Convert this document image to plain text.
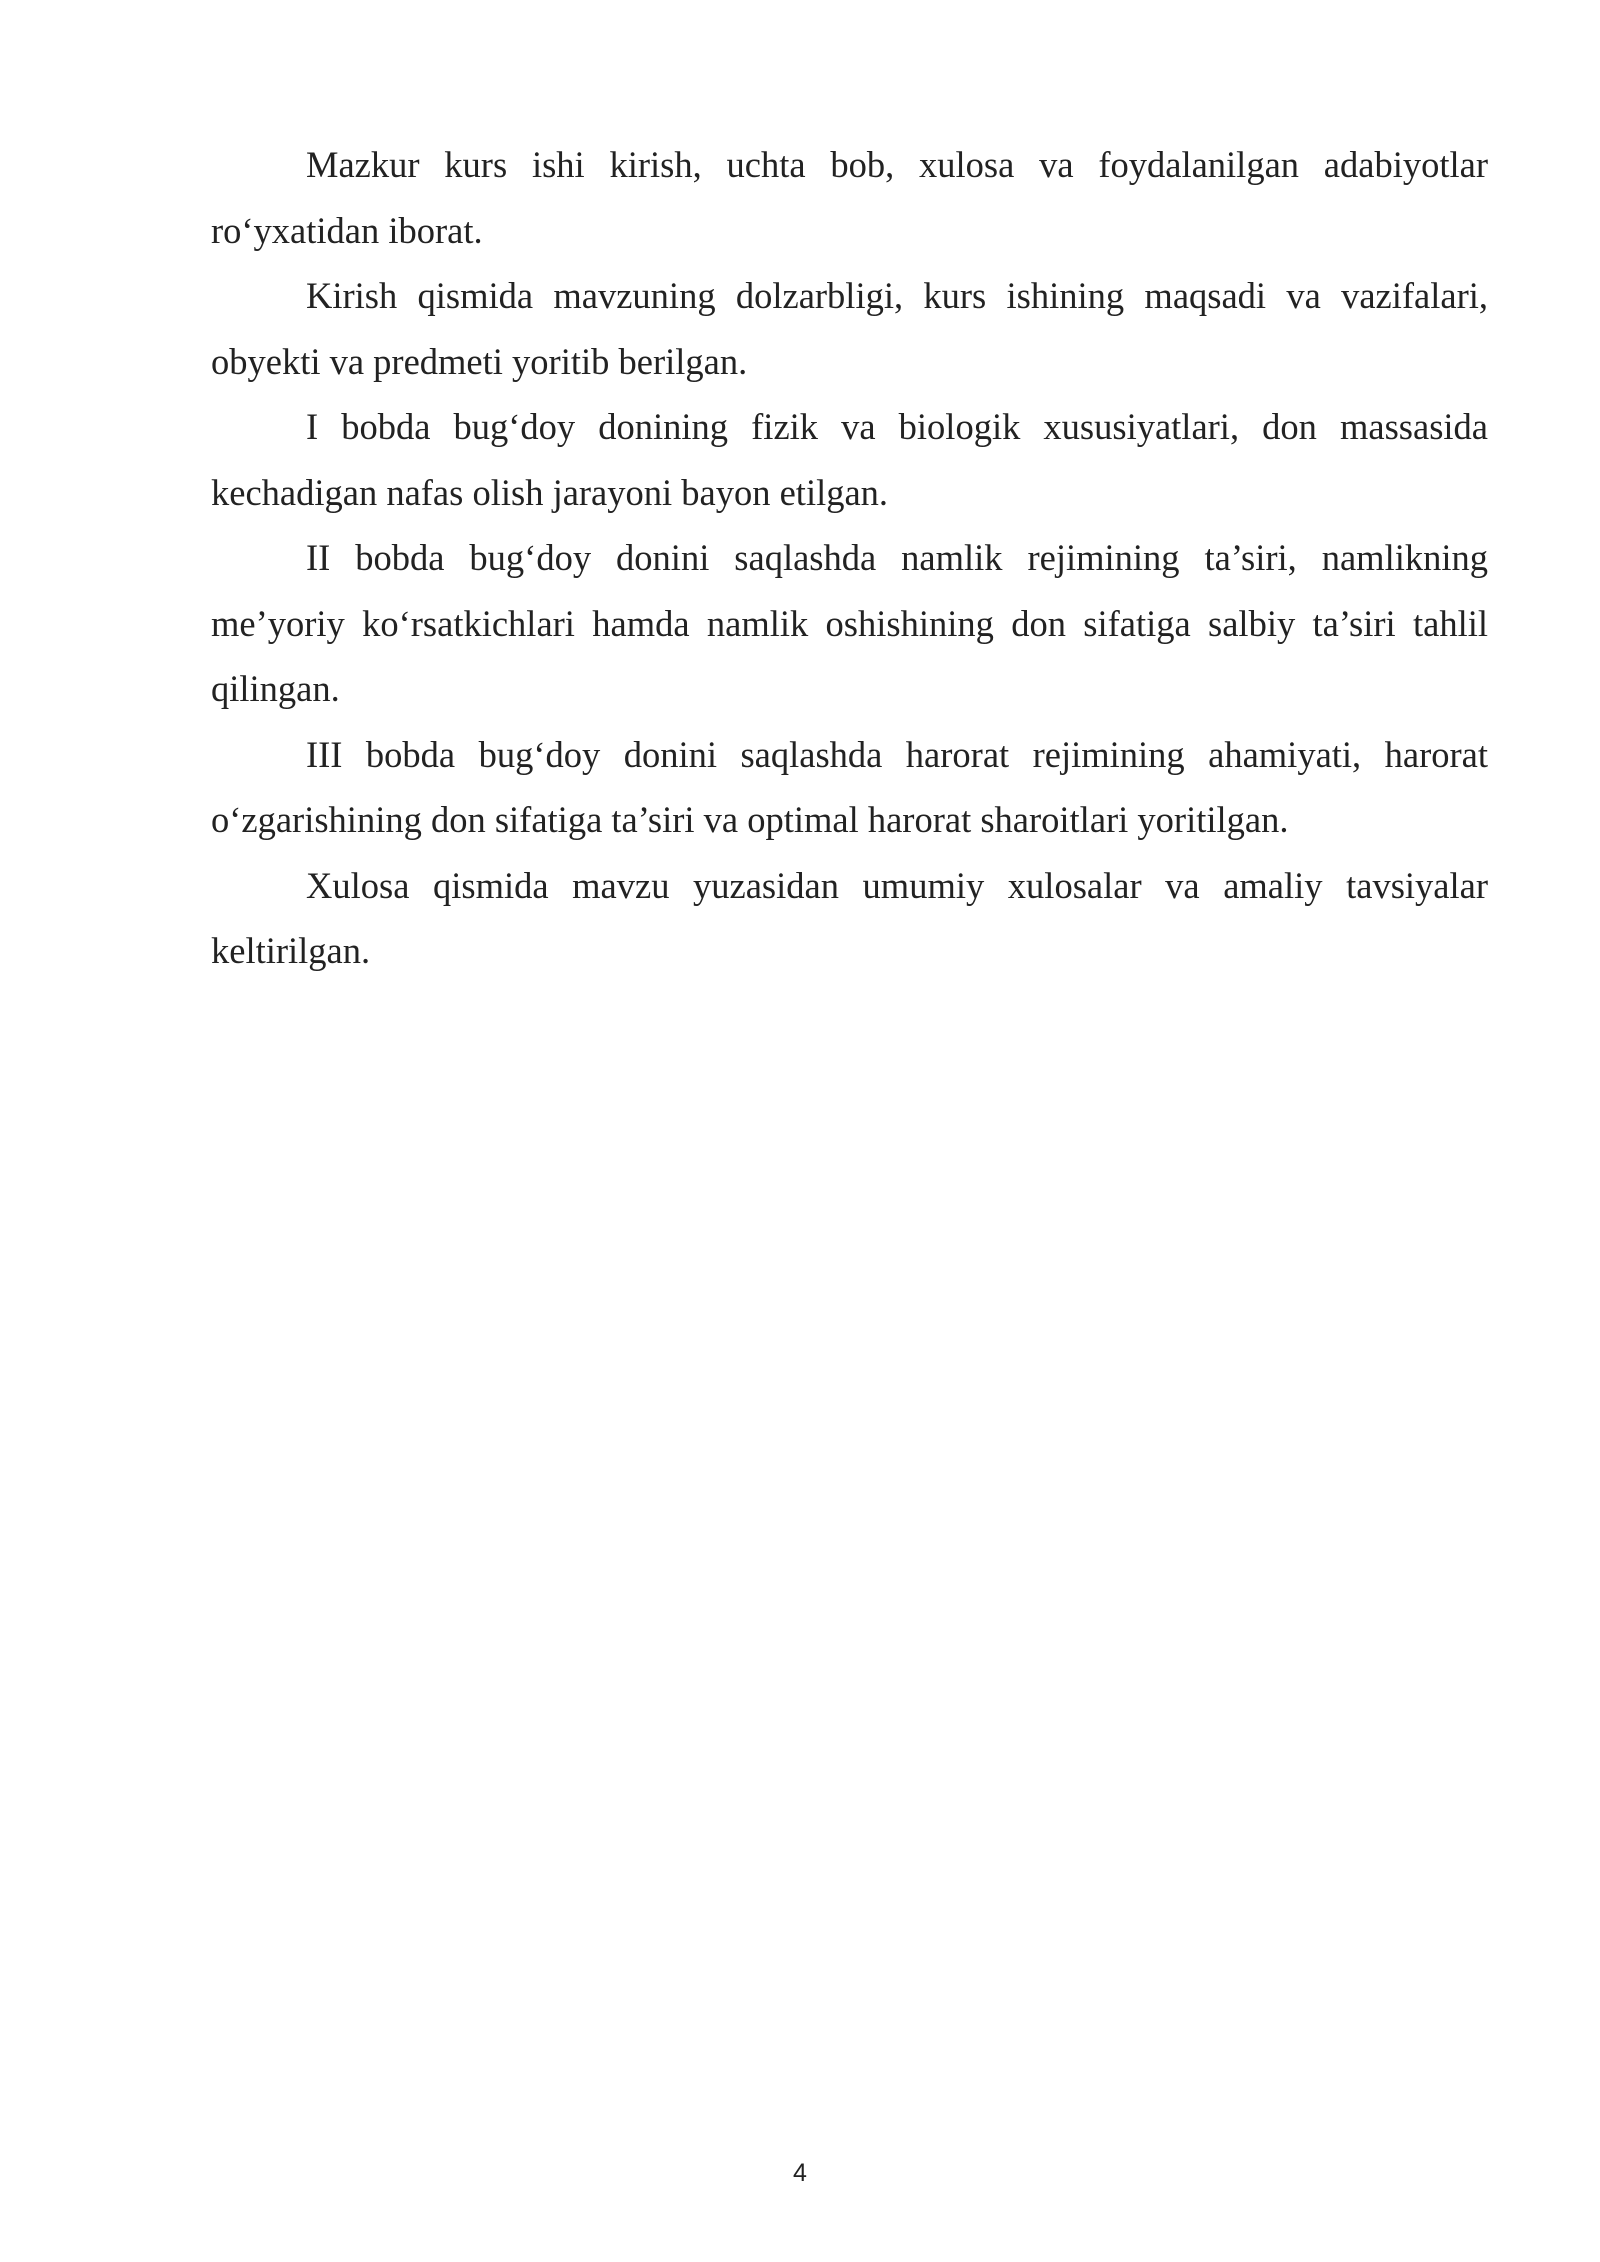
Mazkur kurs ishi kirish, uchta bob, xulosa va foydalanilgan adabiyotlar ro‘yxatidan iborat.

Kirish qismida mavzuning dolzarbligi, kurs ishining maqsadi va vazifalari, obyekti va predmeti yoritib berilgan.

I bobda bug‘doy donining fizik va biologik xususiyatlari, don massasida kechadigan nafas olish jarayoni bayon etilgan.

II bobda bug‘doy donini saqlashda namlik rejimining ta’siri, namlikning me’yoriy ko‘rsatkichlari hamda namlik oshishining don sifatiga salbiy ta’siri tahlil qilingan.

III bobda bug‘doy donini saqlashda harorat rejimining ahamiyati, harorat o‘zgarishining don sifatiga ta’siri va optimal harorat sharoitlari yoritilgan.

Xulosa qismida mavzu yuzasidan umumiy xulosalar va amaliy tavsiyalar keltirilgan.

4
